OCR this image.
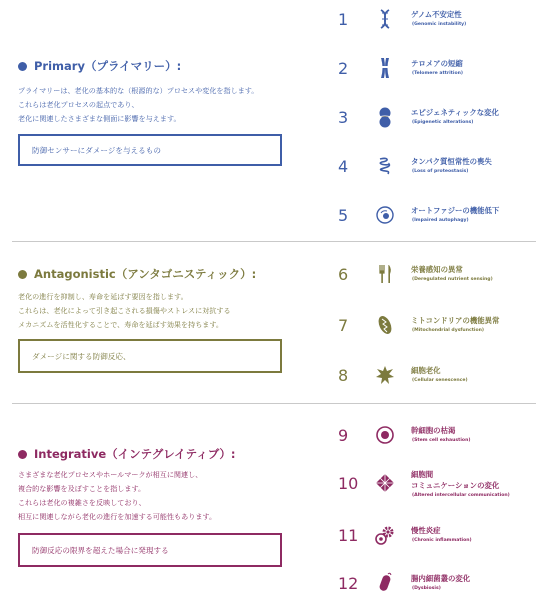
Primary（プライマリー）:
プライマリーは、老化の基本的な（根源的な）プロセスや変化を指します。
これらは老化プロセスの起点であり、
老化に関連したさまざまな側面に影響を与えます。
防御センサーにダメージを与えるもの
Antagonistic（アンタゴニスティック）:
老化の進行を抑制し、寿命を延ばす要因を指します。
これらは、老化によって引き起こされる損傷やストレスに対抗する
メカニズムを活性化することで、寿命を延ばす効果を持ちます。
ダメージに関する防御反応、
Integrative（インテグレイティブ）:
さまざまな老化プロセスやホールマークが相互に関連し、
複合的な影響を及ぼすことを指します。
これらは老化の複雑さを反映しており、
相互に関連しながら老化の進行を加速する可能性もあります。
防御反応の限界を超えた場合に発現する
1	ゲノム不安定性
(Genomic instability)
2	テロメアの短縮
(Telomere attrition)
3	エピジェネティックな変化
(Epigenetic alterations)
4	タンパク質恒常性の喪失
(Loss of proteostasis)
5	オートファジーの機能低下
(Impaired autophagy)
6	栄養感知の異常
(Deregulated nutrient sensing)
7	ミトコンドリアの機能異常
(Mitochondrial dysfunction)
8	細胞老化
(Cellular senescence)
9	幹細胞の枯渇
(Stem cell exhaustion)
10	細胞間
コミュニケーションの変化
(Altered intercellular communication)
11	慢性炎症
(Chronic inflammation)
12	腸内細菌叢の変化
(Dysbiosis)
